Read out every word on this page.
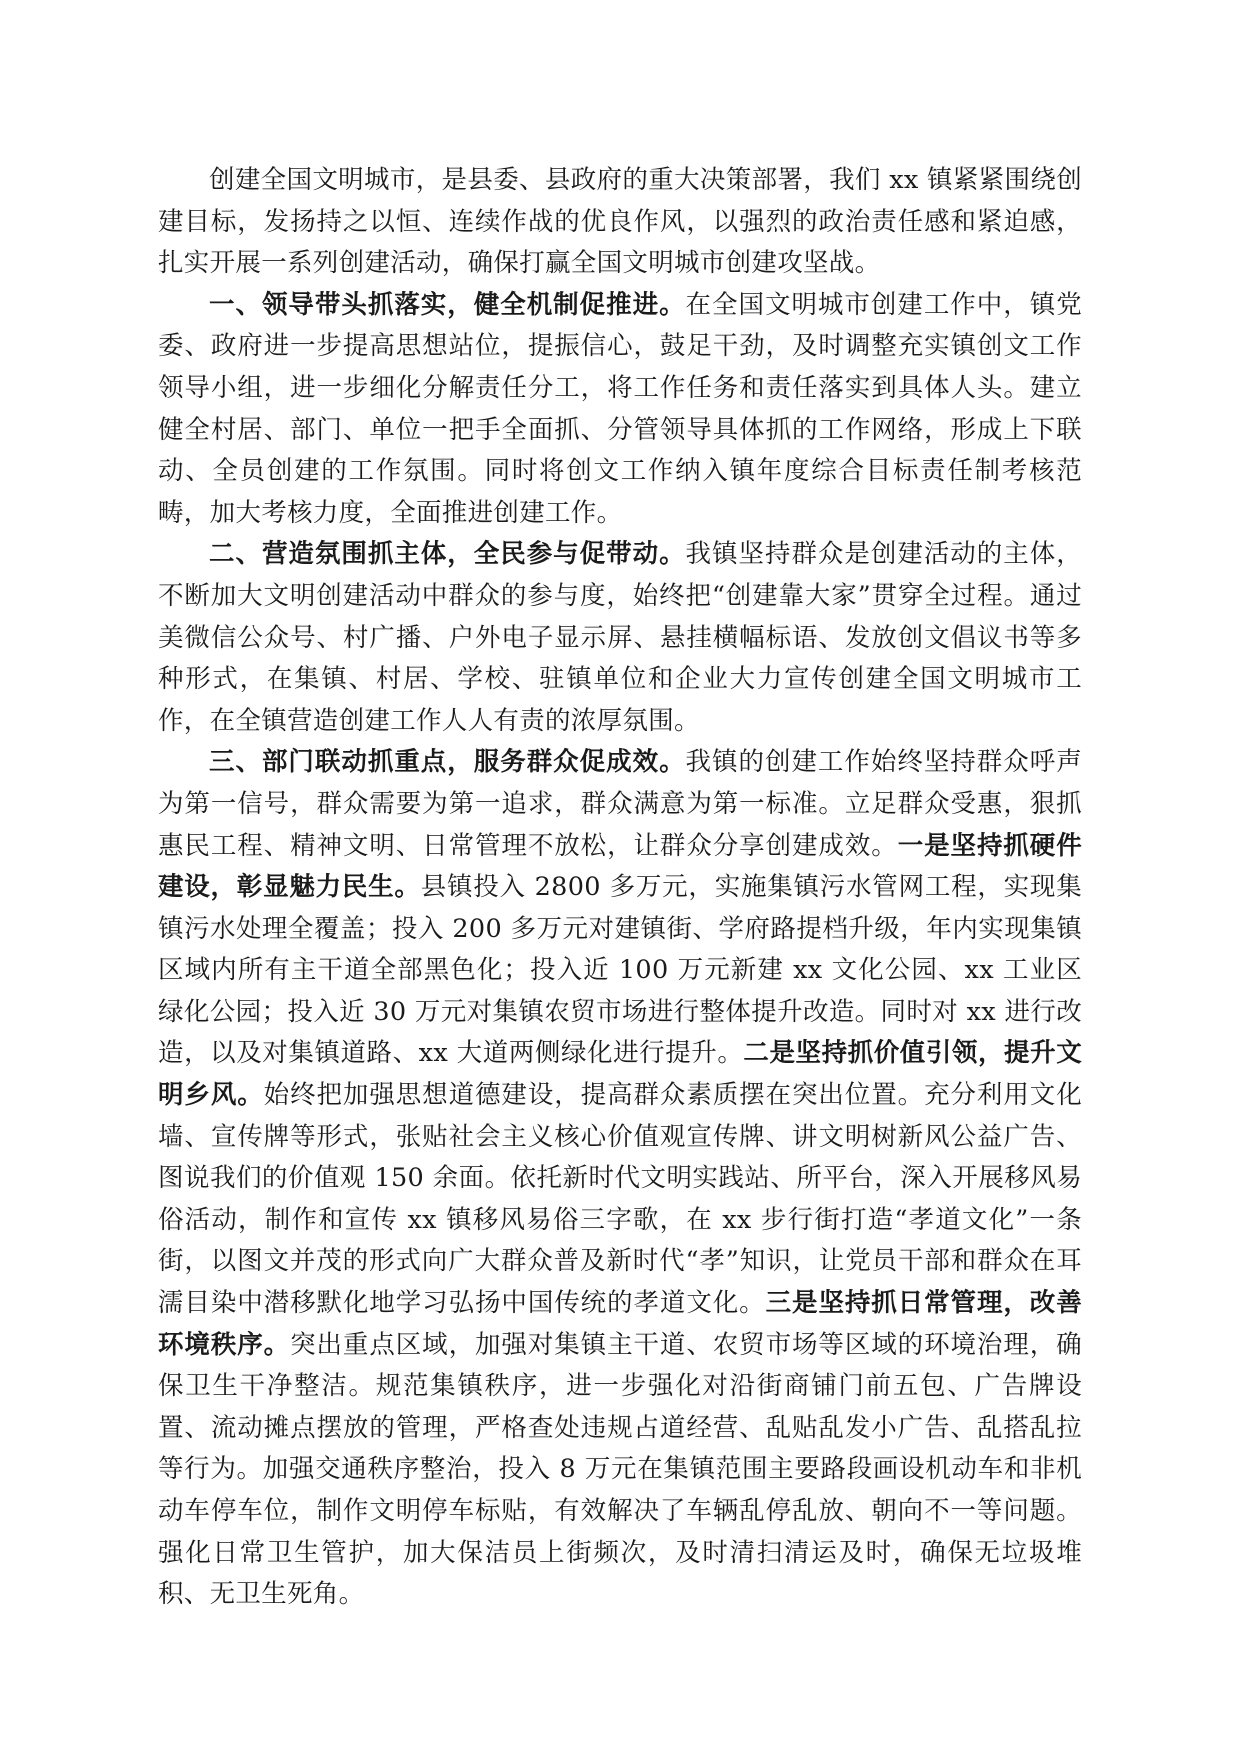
创建全国文明城市，是县委、县政府的重大决策部署，我们 xx 镇紧紧围绕创建目标，发扬持之以恒、连续作战的优良作风，以强烈的政治责任感和紧迫感，扎实开展一系列创建活动，确保打赢全国文明城市创建攻坚战。

一、领导带头抓落实，健全机制促推进。在全国文明城市创建工作中，镇党委、政府进一步提高思想站位，提振信心，鼓足干劲，及时调整充实镇创文工作领导小组，进一步细化分解责任分工，将工作任务和责任落实到具体人头。建立健全村居、部门、单位一把手全面抓、分管领导具体抓的工作网络，形成上下联动、全员创建的工作氛围。同时将创文工作纳入镇年度综合目标责任制考核范畴，加大考核力度，全面推进创建工作。

二、营造氛围抓主体，全民参与促带动。我镇坚持群众是创建活动的主体，不断加大文明创建活动中群众的参与度，始终把“创建靠大家”贯穿全过程。通过美微信公众号、村广播、户外电子显示屏、悬挂横幅标语、发放创文倡议书等多种形式，在集镇、村居、学校、驻镇单位和企业大力宣传创建全国文明城市工作，在全镇营造创建工作人人有责的浓厚氛围。

三、部门联动抓重点，服务群众促成效。我镇的创建工作始终坚持群众呼声为第一信号，群众需要为第一追求，群众满意为第一标准。立足群众受惠，狠抓惠民工程、精神文明、日常管理不放松，让群众分享创建成效。一是坚持抓硬件建设，彰显魅力民生。县镇投入 2800 多万元，实施集镇污水管网工程，实现集镇污水处理全覆盖；投入 200 多万元对建镇街、学府路提档升级，年内实现集镇区域内所有主干道全部黑色化；投入近 100 万元新建 xx 文化公园、xx 工业区绿化公园；投入近 30 万元对集镇农贸市场进行整体提升改造。同时对 xx 进行改造，以及对集镇道路、xx 大道两侧绿化进行提升。二是坚持抓价值引领，提升文明乡风。始终把加强思想道德建设，提高群众素质摆在突出位置。充分利用文化墙、宣传牌等形式，张贴社会主义核心价值观宣传牌、讲文明树新风公益广告、图说我们的价值观 150 余面。依托新时代文明实践站、所平台，深入开展移风易俗活动，制作和宣传 xx 镇移风易俗三字歌，在 xx 步行街打造“孝道文化”一条街，以图文并茂的形式向广大群众普及新时代“孝”知识，让党员干部和群众在耳濡目染中潜移默化地学习弘扬中国传统的孝道文化。三是坚持抓日常管理，改善环境秩序。突出重点区域，加强对集镇主干道、农贸市场等区域的环境治理，确保卫生干净整洁。规范集镇秩序，进一步强化对沿街商铺门前五包、广告牌设置、流动摊点摆放的管理，严格查处违规占道经营、乱贴乱发小广告、乱搭乱拉等行为。加强交通秩序整治，投入 8 万元在集镇范围主要路段画设机动车和非机动车停车位，制作文明停车标贴，有效解决了车辆乱停乱放、朝向不一等问题。强化日常卫生管护，加大保洁员上街频次，及时清扫清运及时，确保无垃圾堆积、无卫生死角。
